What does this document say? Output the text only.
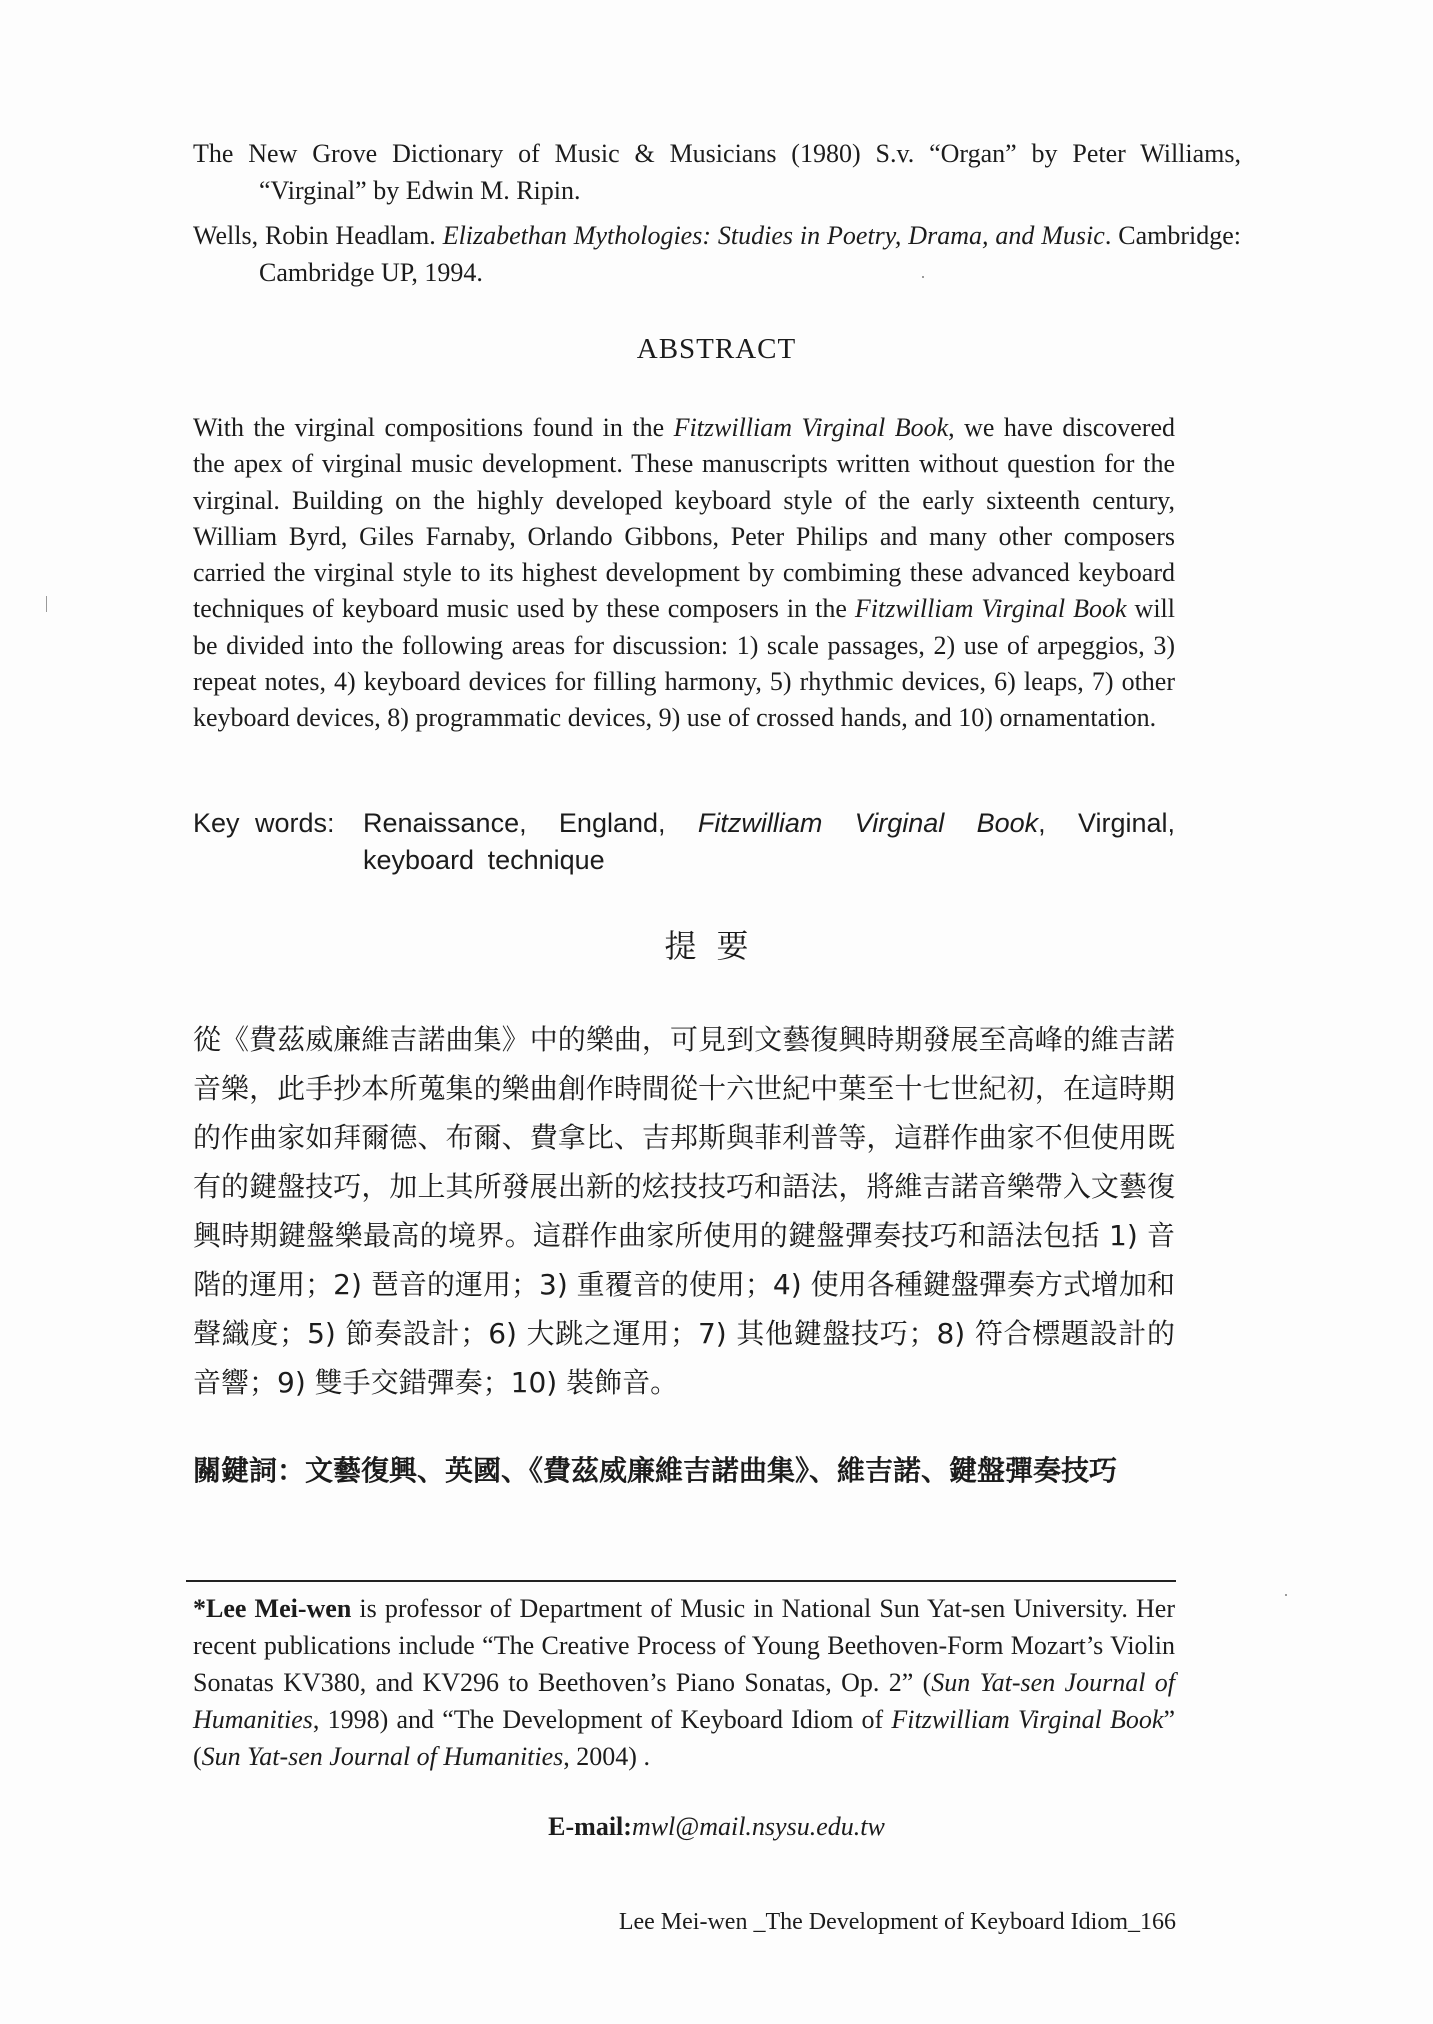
The New Grove Dictionary of Music & Musicians (1980) S.v. “Organ” by Peter Williams, “Virginal” by Edwin M. Ripin.
Wells, Robin Headlam. Elizabethan Mythologies: Studies in Poetry, Drama, and Music. Cambridge: Cambridge UP, 1994.
ABSTRACT
With the virginal compositions found in the Fitzwilliam Virginal Book, we have discovered the apex of virginal music development. These manuscripts written without question for the virginal. Building on the highly developed keyboard style of the early sixteenth century, William Byrd, Giles Farnaby, Orlando Gibbons, Peter Philips and many other composers carried the virginal style to its highest development by combiming these advanced keyboard techniques of keyboard music used by these composers in the Fitzwilliam Virginal Book will be divided into the following areas for discussion: 1) scale passages, 2) use of arpeggios, 3) repeat notes, 4) keyboard devices for filling harmony, 5) rhythmic devices, 6) leaps, 7) other keyboard devices, 8) programmatic devices, 9) use of crossed hands, and 10) ornamentation.
Key words:	Renaissance, England, Fitzwilliam Virginal Book, Virginal, keyboard technique
提要
從《費茲威廉維吉諾曲集》中的樂曲，可見到文藝復興時期發展至高峰的維吉諾音樂，此手抄本所蒐集的樂曲創作時間從十六世紀中葉至十七世紀初，在這時期的作曲家如拜爾德、布爾、費拿比、吉邦斯與菲利普等，這群作曲家不但使用既有的鍵盤技巧，加上其所發展出新的炫技技巧和語法，將維吉諾音樂帶入文藝復興時期鍵盤樂最高的境界。這群作曲家所使用的鍵盤彈奏技巧和語法包括 1) 音階的運用；2) 琶音的運用；3) 重覆音的使用；4) 使用各種鍵盤彈奏方式增加和聲織度；5) 節奏設計；6) 大跳之運用；7) 其他鍵盤技巧；8) 符合標題設計的音響；9) 雙手交錯彈奏；10) 裝飾音。
關鍵詞：文藝復興、英國、《費茲威廉維吉諾曲集》、維吉諾、鍵盤彈奏技巧
*Lee Mei-wen is professor of Department of Music in National Sun Yat-sen University. Her recent publications include “The Creative Process of Young Beethoven-Form Mozart’s Violin Sonatas KV380, and KV296 to Beethoven’s Piano Sonatas, Op. 2” (Sun Yat-sen Journal of Humanities, 1998) and “The Development of Keyboard Idiom of Fitzwilliam Virginal Book” (Sun Yat-sen Journal of Humanities, 2004) .
E-mail:mwl@mail.nsysu.edu.tw
Lee Mei-wen _The Development of Keyboard Idiom_166
